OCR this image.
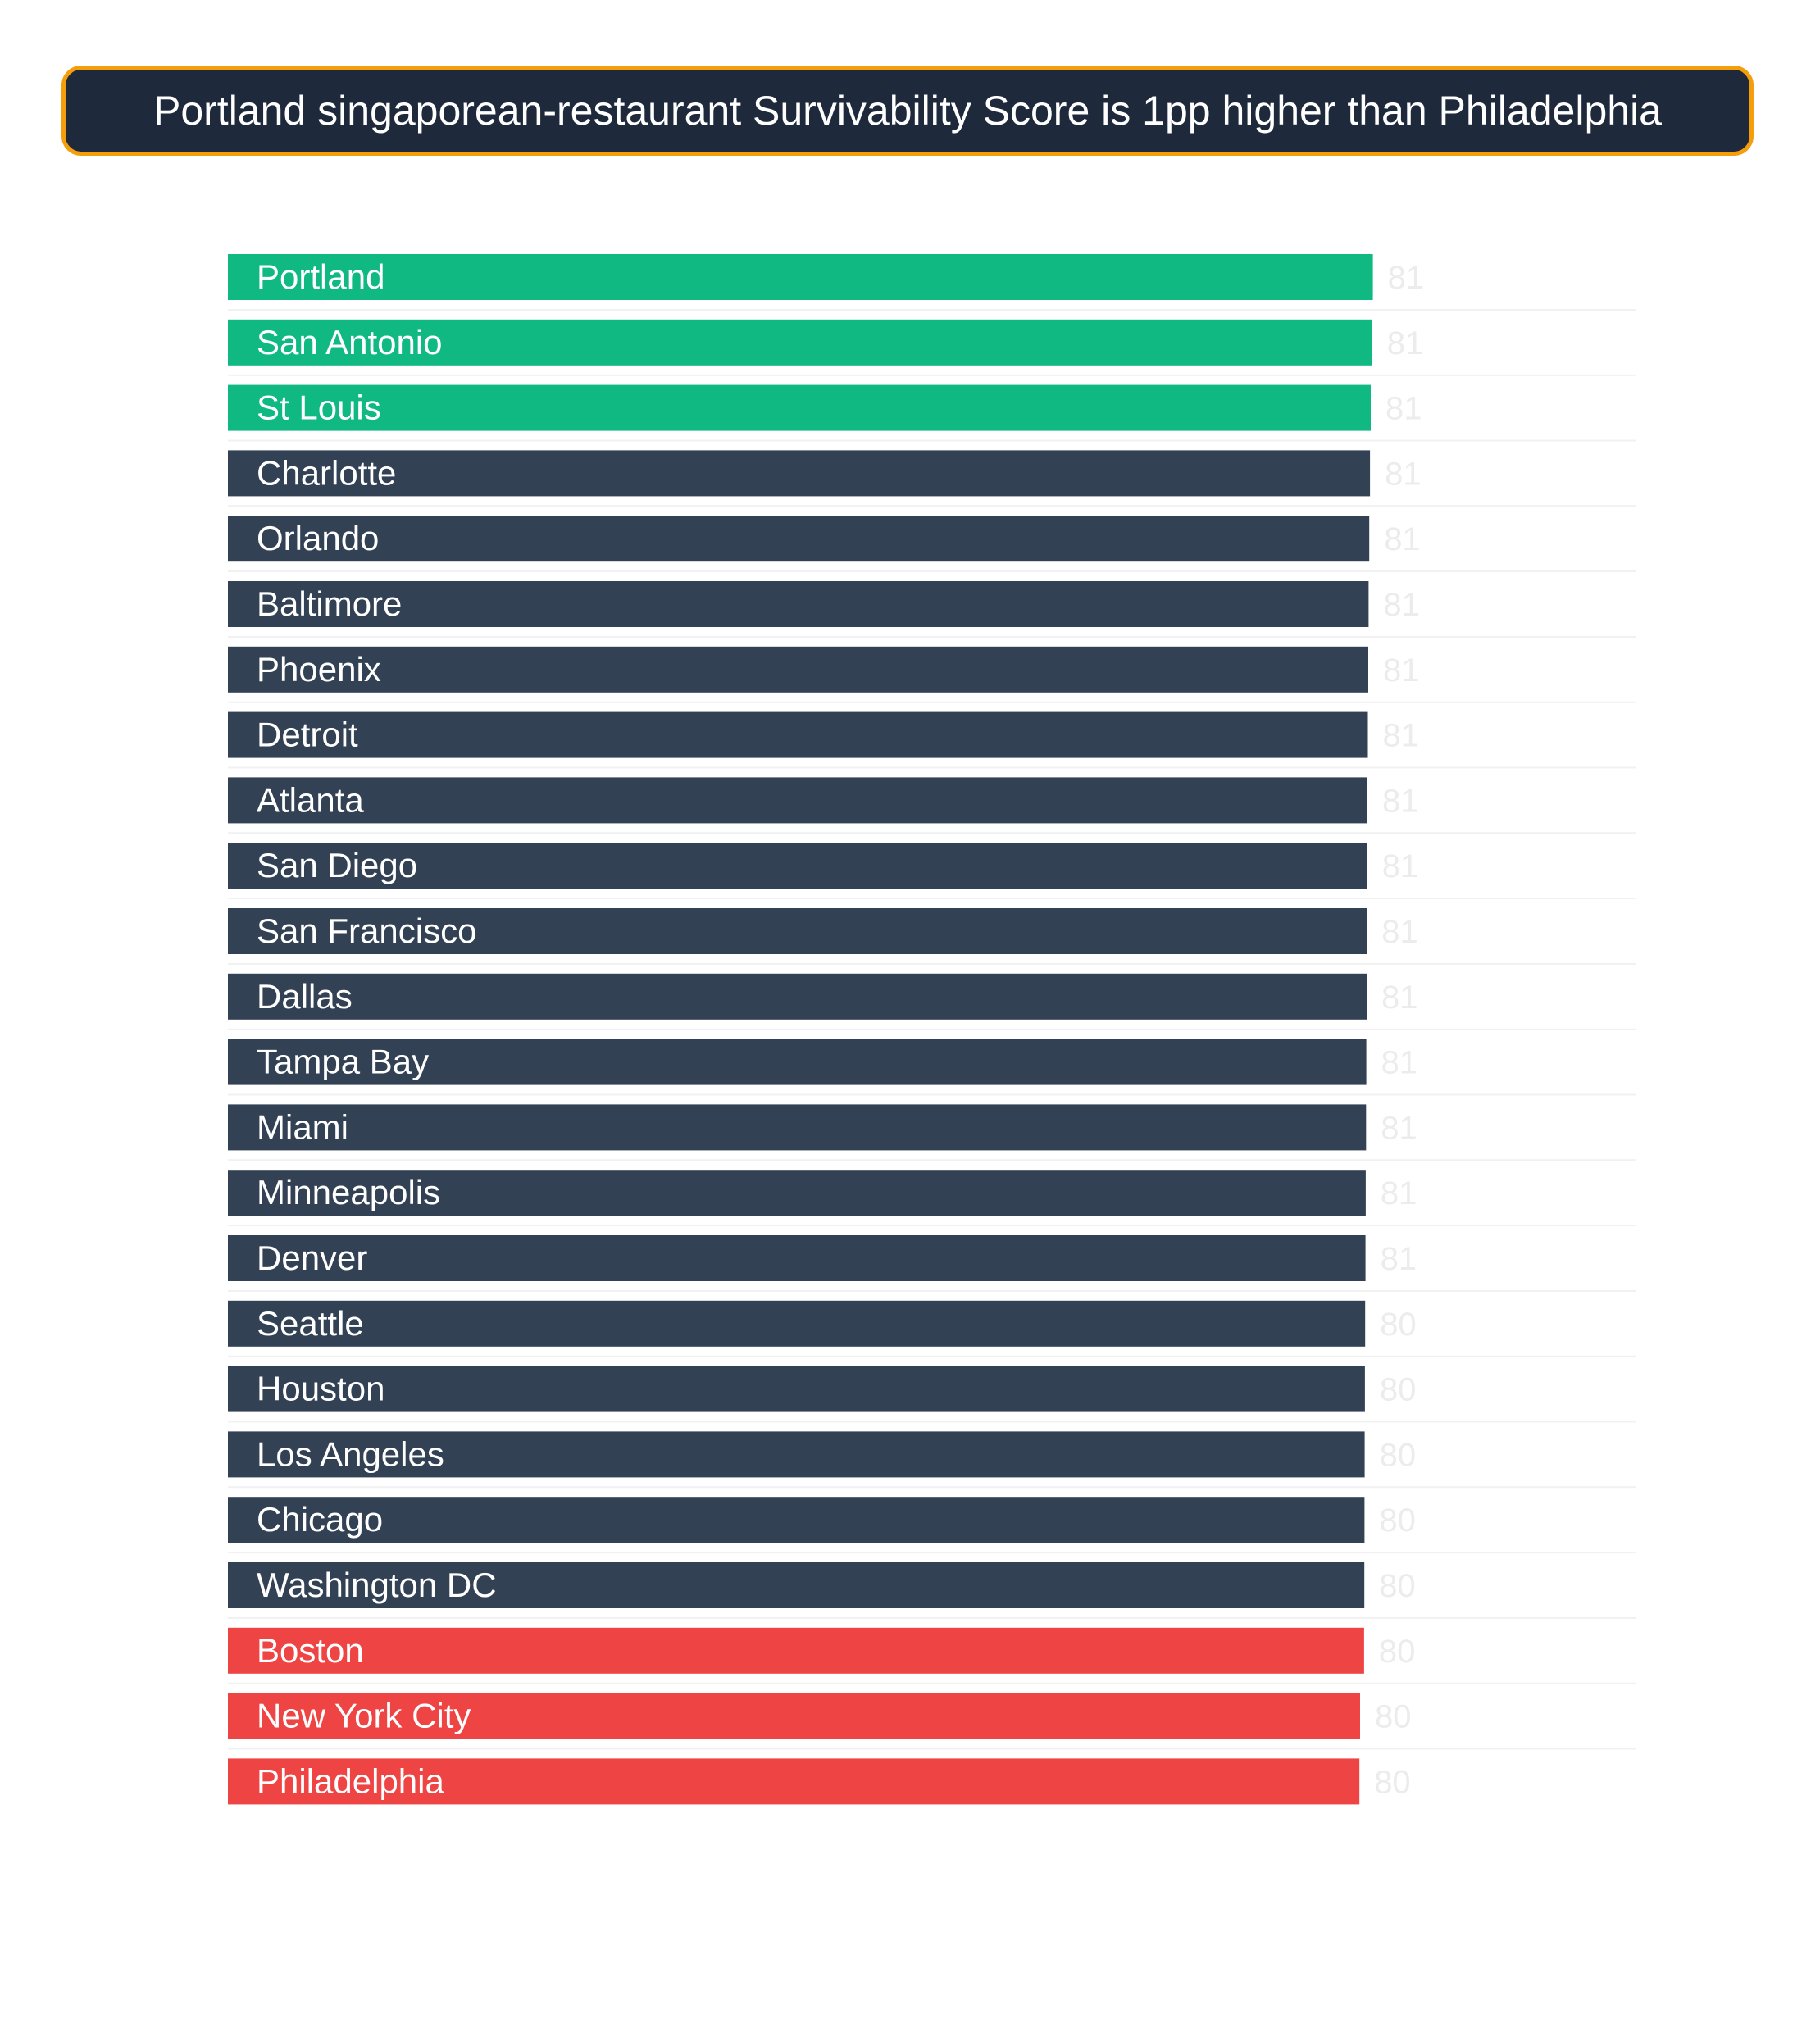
Portland singaporean-restaurant Survivability Score is 1pp higher than Philadelphia
Portland	81
San Antonio	81
St Louis	81
Charlotte	81
Orlando	81
Baltimore	81
Phoenix	81
Detroit	81
Atlanta	81
San Diego	81
San Francisco	81
Dallas	81
Tampa Bay	81
Miami	81
Minneapolis	81
Denver	81
Seattle	80
Houston	80
Los Angeles	80
Chicago	80
Washington DC	80
Boston	80
New York City	80
Philadelphia	80
